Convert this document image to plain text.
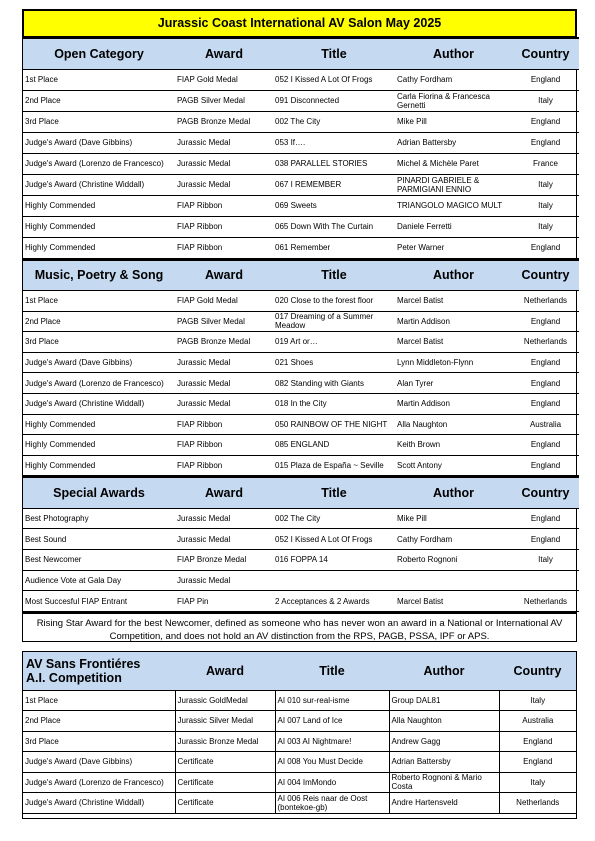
Jurassic Coast International AV Salon May 2025
Open Category	Award	Title	Author	Country
1st Place	FIAP Gold Medal	052 I Kissed A Lot Of Frogs	Cathy Fordham	England
2nd Place	PAGB Silver Medal	091 Disconnected	Carla Fiorina & Francesca Gernetti	Italy
3rd Place	PAGB Bronze Medal	002 The City	Mike Pill	England
Judge's Award (Dave Gibbins)	Jurassic Medal	053 If….	Adrian Battersby	England
Judge's Award (Lorenzo de Francesco)	Jurassic Medal	038 PARALLEL STORIES	Michel & Michèle Paret	France
Judge's Award (Christine Widdall)	Jurassic Medal	067 I REMEMBER	PINARDI GABRIELE & PARMIGIANI ENNIO	Italy
Highly Commended	FIAP Ribbon	069 Sweets	TRIANGOLO MAGICO MULT	Italy
Highly Commended	FIAP Ribbon	065 Down With The Curtain	Daniele Ferretti	Italy
Highly Commended	FIAP Ribbon	061 Remember	Peter Warner	England
Music, Poetry & Song	Award	Title	Author	Country
1st Place	FIAP Gold Medal	020 Close to the forest floor	Marcel Batist	Netherlands
2nd Place	PAGB Silver Medal	017 Dreaming of a Summer Meadow	Martin Addison	England
3rd Place	PAGB Bronze Medal	019 Art or…	Marcel Batist	Netherlands
Judge's Award (Dave Gibbins)	Jurassic Medal	021 Shoes	Lynn Middleton-Flynn	England
Judge's Award (Lorenzo de Francesco)	Jurassic Medal	082 Standing with Giants	Alan Tyrer	England
Judge's Award (Christine Widdall)	Jurassic Medal	018 In the City	Martin Addison	England
Highly Commended	FIAP Ribbon	050 RAINBOW OF THE NIGHT	Alla Naughton	Australia
Highly Commended	FIAP Ribbon	085 ENGLAND	Keith Brown	England
Highly Commended	FIAP Ribbon	015 Plaza de España ~ Seville	Scott Antony	England
Special Awards	Award	Title	Author	Country
Best Photography	Jurassic Medal	002 The City	Mike Pill	England
Best Sound	Jurassic Medal	052 I Kissed A Lot Of Frogs	Cathy Fordham	England
Best Newcomer	FIAP Bronze Medal	016 FOPPA 14	Roberto Rognoni	Italy
Audience Vote at Gala Day	Jurassic Medal			
Most Succesful FIAP Entrant	FIAP Pin	2 Acceptances & 2 Awards	Marcel Batist	Netherlands
Rising Star Award for the best Newcomer, defined as someone who has never won an award in a National or International AV Competition, and does not hold an AV distinction from the RPS, PAGB, PSSA, IPF or APS.
AV Sans Frontiéres
A.I. Competition	Award	Title	Author	Country
1st Place	Jurassic GoldMedal	AI 010 sur-real-isme	Group DAL81	Italy
2nd Place	Jurassic Silver Medal	AI 007 Land of Ice	Alla Naughton	Australia
3rd Place	Jurassic Bronze Medal	AI 003 AI Nightmare!	Andrew Gagg	England
Judge's Award (Dave Gibbins)	Certificate	AI 008 You Must Decide	Adrian Battersby	England
Judge's Award (Lorenzo de Francesco)	Certificate	AI 004 ImMondo	Roberto Rognoni & Mario Costa	Italy
Judge's Award (Christine Widdall)	Certificate	AI 006 Reis naar de Oost (bontekoe-gb)	Andre Hartensveld	Netherlands
